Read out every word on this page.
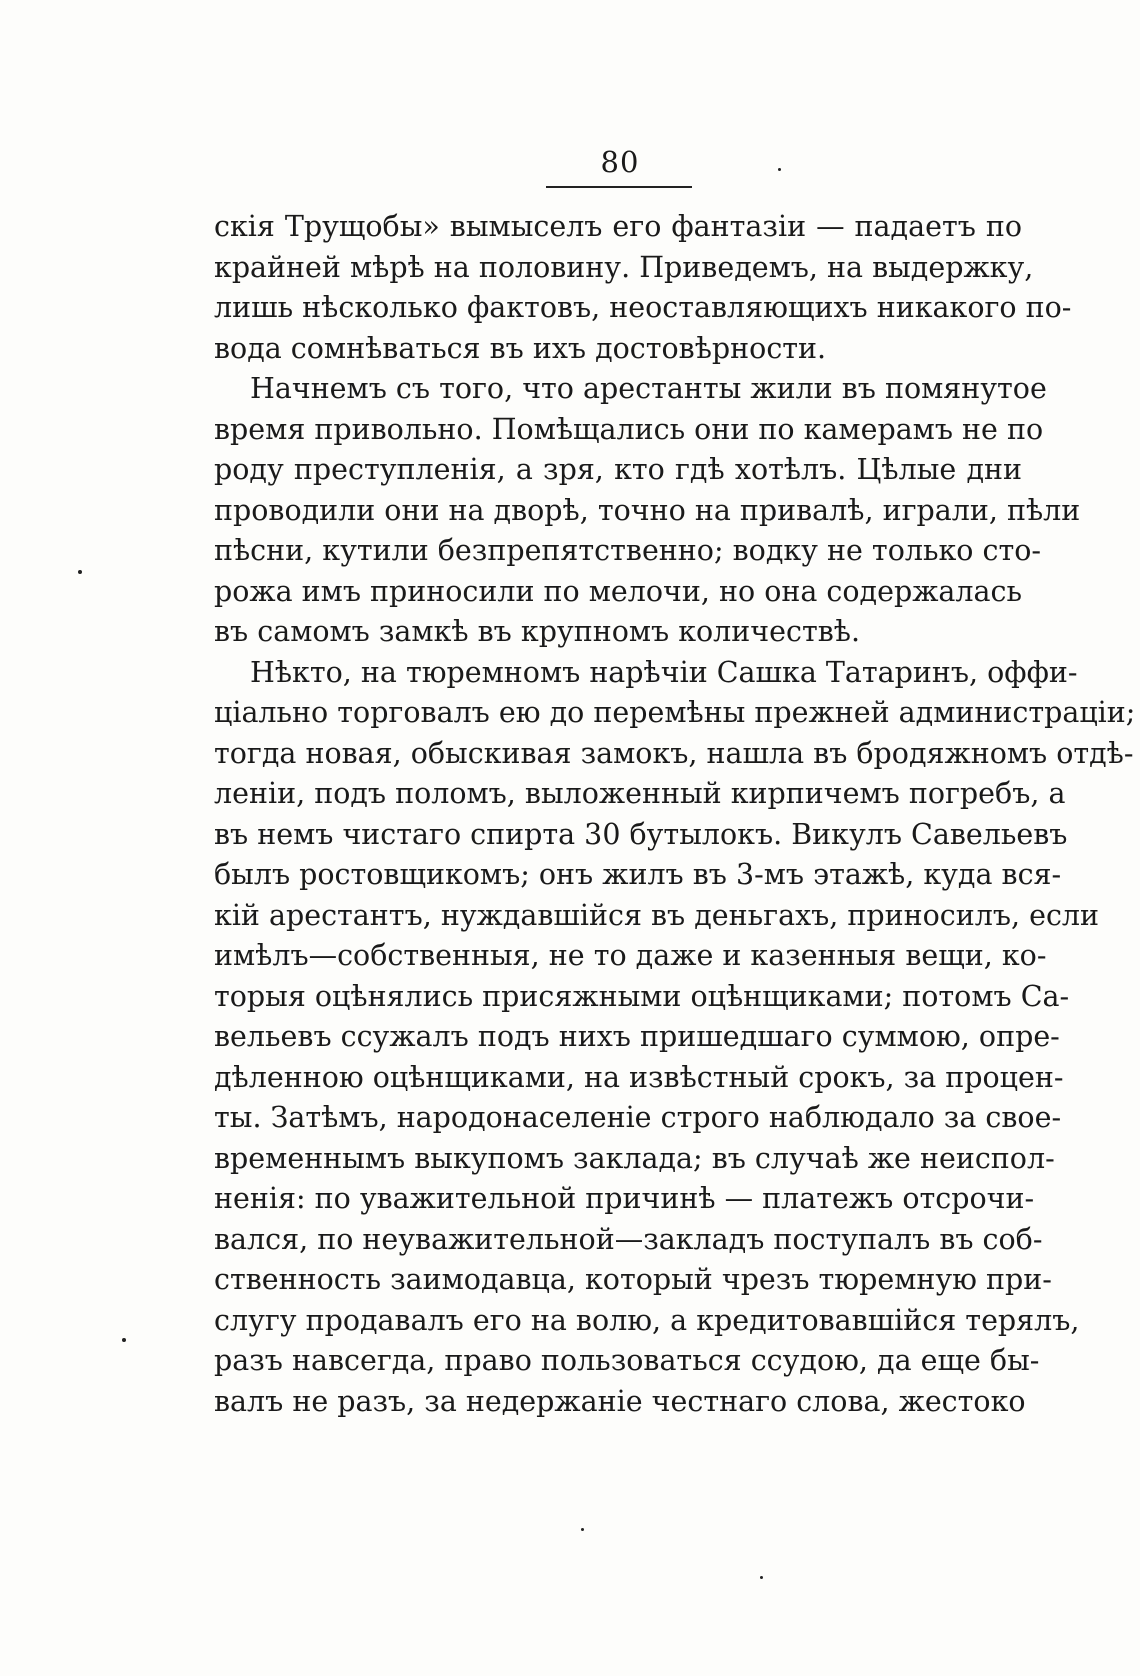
80
скія Трущобы» вымыселъ его фантазіи — падаетъ по
крайней мѣрѣ на половину. Приведемъ, на выдержку,
лишь нѣсколько фактовъ, неоставляющихъ никакого по-
вода сомнѣваться въ ихъ достовѣрности.
Начнемъ съ того, что арестанты жили въ помянутое
время привольно. Помѣщались они по камерамъ не по
роду преступленія, а зря, кто гдѣ хотѣлъ. Цѣлые дни
проводили они на дворѣ, точно на привалѣ, играли, пѣли
пѣсни, кутили безпрепятственно; водку не только сто-
рожа имъ приносили по мелочи, но она содержалась
въ самомъ замкѣ въ крупномъ количествѣ.
Нѣкто, на тюремномъ нарѣчіи Сашка Татаринъ, оффи-
ціально торговалъ ею до перемѣны прежней администраціи;
тогда новая, обыскивая замокъ, нашла въ бродяжномъ отдѣ-
леніи, подъ поломъ, выложенный кирпичемъ погребъ, а
въ немъ чистаго спирта 30 бутылокъ. Викулъ Савельевъ
былъ ростовщикомъ; онъ жилъ въ 3-мъ этажѣ, куда вся-
кій арестантъ, нуждавшійся въ деньгахъ, приносилъ, если
имѣлъ—собственныя, не то даже и казенныя вещи, ко-
торыя оцѣнялись присяжными оцѣнщиками; потомъ Са-
вельевъ ссужалъ подъ нихъ пришедшаго суммою, опре-
дѣленною оцѣнщиками, на извѣстный срокъ, за процен-
ты. Затѣмъ, народонаселеніе строго наблюдало за свое-
временнымъ выкупомъ заклада; въ случаѣ же неиспол-
ненія: по уважительной причинѣ — платежъ отсрочи-
вался, по неуважительной—закладъ поступалъ въ соб-
ственность заимодавца, который чрезъ тюремную при-
слугу продавалъ его на волю, а кредитовавшійся терялъ,
разъ навсегда, право пользоваться ссудою, да еще бы-
валъ не разъ, за недержаніе честнаго слова, жестоко
